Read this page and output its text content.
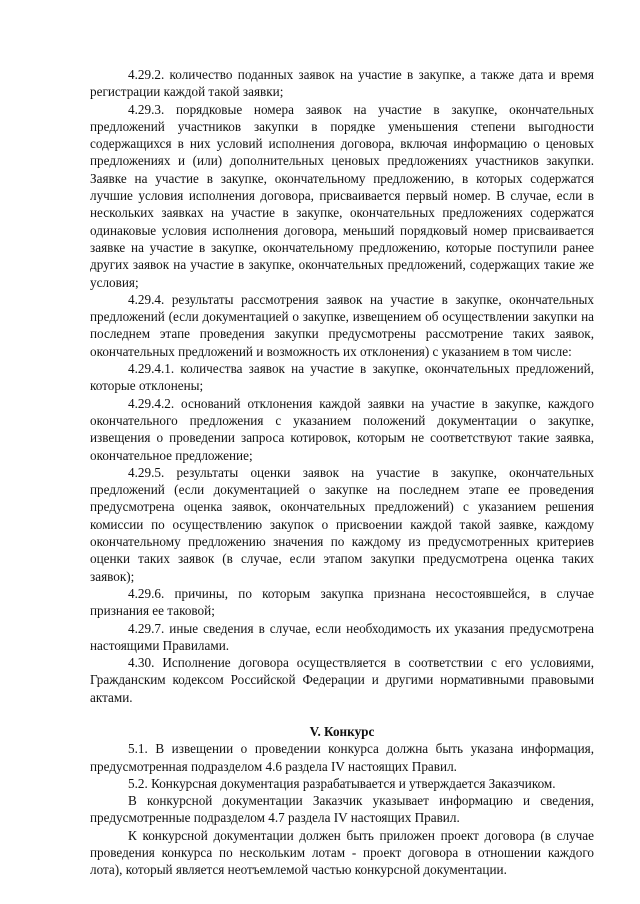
4.29.2. количество поданных заявок на участие в закупке, а также дата и время регистрации каждой такой заявки;

4.29.3. порядковые номера заявок на участие в закупке, окончательных предложений участников закупки в порядке уменьшения степени выгодности содержащихся в них условий исполнения договора, включая информацию о ценовых предложениях и (или) дополнительных ценовых предложениях участников закупки. Заявке на участие в закупке, окончательному предложению, в которых содержатся лучшие условия исполнения договора, присваивается первый номер. В случае, если в нескольких заявках на участие в закупке, окончательных предложениях содержатся одинаковые условия исполнения договора, меньший порядковый номер присваивается заявке на участие в закупке, окончательному предложению, которые поступили ранее других заявок на участие в закупке, окончательных предложений, содержащих такие же условия;

4.29.4. результаты рассмотрения заявок на участие в закупке, окончательных предложений (если документацией о закупке, извещением об осуществлении закупки на последнем этапе проведения закупки предусмотрены рассмотрение таких заявок, окончательных предложений и возможность их отклонения) с указанием в том числе:

4.29.4.1. количества заявок на участие в закупке, окончательных предложений, которые отклонены;

4.29.4.2. оснований отклонения каждой заявки на участие в закупке, каждого окончательного предложения с указанием положений документации о закупке, извещения о проведении запроса котировок, которым не соответствуют такие заявка, окончательное предложение;

4.29.5. результаты оценки заявок на участие в закупке, окончательных предложений (если документацией о закупке на последнем этапе ее проведения предусмотрена оценка заявок, окончательных предложений) с указанием решения комиссии по осуществлению закупок о присвоении каждой такой заявке, каждому окончательному предложению значения по каждому из предусмотренных критериев оценки таких заявок (в случае, если этапом закупки предусмотрена оценка таких заявок);

4.29.6. причины, по которым закупка признана несостоявшейся, в случае признания ее таковой;

4.29.7. иные сведения в случае, если необходимость их указания предусмотрена настоящими Правилами.

4.30. Исполнение договора осуществляется в соответствии с его условиями, Гражданским кодексом Российской Федерации и другими нормативными правовыми актами.

V. Конкурс

5.1. В извещении о проведении конкурса должна быть указана информация, предусмотренная подразделом 4.6 раздела IV настоящих Правил.

5.2. Конкурсная документация разрабатывается и утверждается Заказчиком.

В конкурсной документации Заказчик указывает информацию и сведения, предусмотренные подразделом 4.7 раздела IV настоящих Правил.

К конкурсной документации должен быть приложен проект договора (в случае проведения конкурса по нескольким лотам - проект договора в отношении каждого лота), который является неотъемлемой частью конкурсной документации.
